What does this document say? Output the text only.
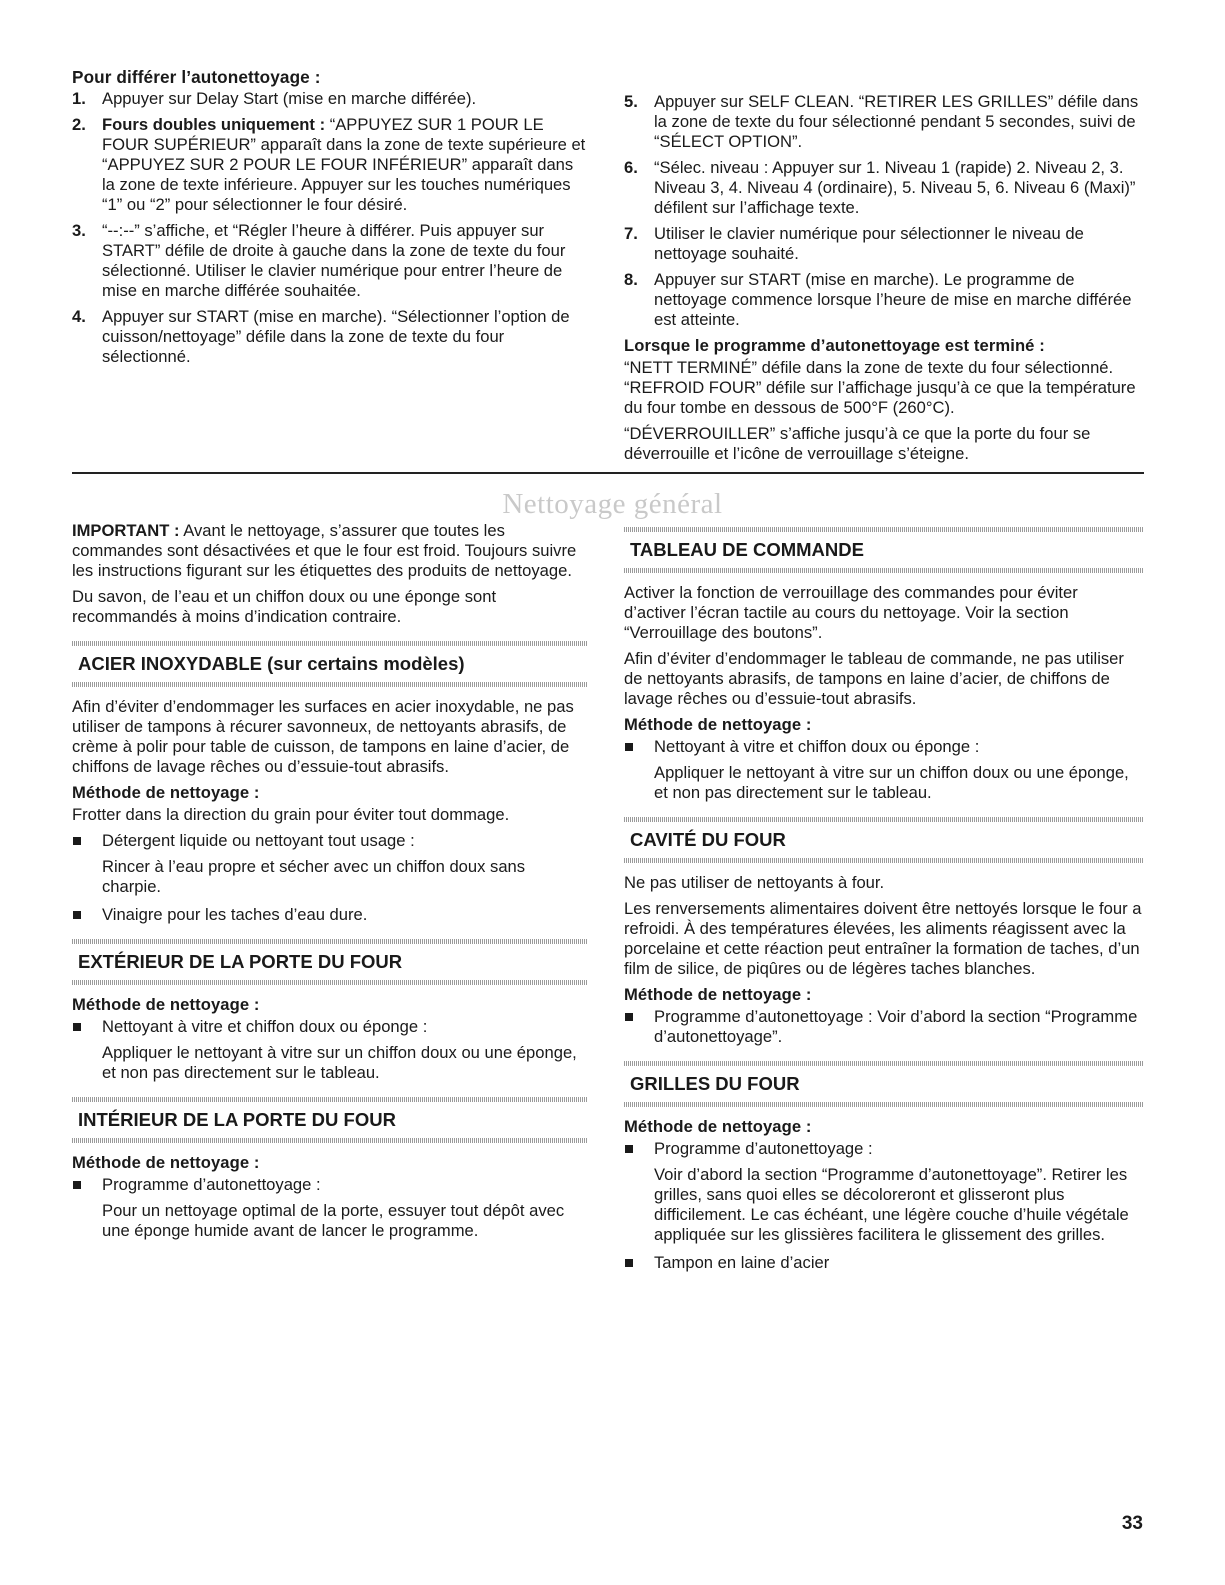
Pour différer l’autonettoyage :
1. Appuyer sur Delay Start (mise en marche différée).
2. Fours doubles uniquement : “APPUYEZ SUR 1 POUR LE FOUR SUPÉRIEUR” apparaît dans la zone de texte supérieure et “APPUYEZ SUR 2 POUR LE FOUR INFÉRIEUR” apparaît dans la zone de texte inférieure. Appuyer sur les touches numériques “1” ou “2” pour sélectionner le four désiré.
3. “--:--” s’affiche, et “Régler l’heure à différer. Puis appuyer sur START” défile de droite à gauche dans la zone de texte du four sélectionné. Utiliser le clavier numérique pour entrer l’heure de mise en marche différée souhaitée.
4. Appuyer sur START (mise en marche). “Sélectionner l’option de cuisson/nettoyage” défile dans la zone de texte du four sélectionné.
5. Appuyer sur SELF CLEAN. “RETIRER LES GRILLES” défile dans la zone de texte du four sélectionné pendant 5 secondes, suivi de “SÉLECT OPTION”.
6. “Sélec. niveau : Appuyer sur 1. Niveau 1 (rapide) 2. Niveau 2, 3. Niveau 3, 4. Niveau 4 (ordinaire), 5. Niveau 5, 6. Niveau 6 (Maxi)” défilent sur l’affichage texte.
7. Utiliser le clavier numérique pour sélectionner le niveau de nettoyage souhaité.
8. Appuyer sur START (mise en marche). Le programme de nettoyage commence lorsque l’heure de mise en marche différée est atteinte.
Lorsque le programme d’autonettoyage est terminé :

“NETT TERMINÉ” défile dans la zone de texte du four sélectionné. “REFROID FOUR” défile sur l’affichage jusqu’à ce que la température du four tombe en dessous de 500°F (260°C).

“DÉVERROUILLER” s’affiche jusqu’à ce que la porte du four se déverrouille et l’icône de verrouillage s’éteigne.

Nettoyage général

IMPORTANT : Avant le nettoyage, s’assurer que toutes les commandes sont désactivées et que le four est froid. Toujours suivre les instructions figurant sur les étiquettes des produits de nettoyage.

Du savon, de l’eau et un chiffon doux ou une éponge sont recommandés à moins d’indication contraire.

ACIER INOXYDABLE (sur certains modèles)

Afin d’éviter d’endommager les surfaces en acier inoxydable, ne pas utiliser de tampons à récurer savonneux, de nettoyants abrasifs, de crème à polir pour table de cuisson, de tampons en laine d’acier, de chiffons de lavage rêches ou d’essuie-tout abrasifs.

Méthode de nettoyage :

Frotter dans la direction du grain pour éviter tout dommage.

Détergent liquide ou nettoyant tout usage :

Rincer à l’eau propre et sécher avec un chiffon doux sans charpie.

Vinaigre pour les taches d’eau dure.
EXTÉRIEUR DE LA PORTE DU FOUR
Méthode de nettoyage :
Nettoyant à vitre et chiffon doux ou éponge :

Appliquer le nettoyant à vitre sur un chiffon doux ou une éponge, et non pas directement sur le tableau.

INTÉRIEUR DE LA PORTE DU FOUR
Méthode de nettoyage :
Programme d’autonettoyage :

Pour un nettoyage optimal de la porte, essuyer tout dépôt avec une éponge humide avant de lancer le programme.

TABLEAU DE COMMANDE

Activer la fonction de verrouillage des commandes pour éviter d’activer l’écran tactile au cours du nettoyage. Voir la section “Verrouillage des boutons”.

Afin d’éviter d’endommager le tableau de commande, ne pas utiliser de nettoyants abrasifs, de tampons en laine d’acier, de chiffons de lavage rêches ou d’essuie-tout abrasifs.

Méthode de nettoyage :
Nettoyant à vitre et chiffon doux ou éponge :

Appliquer le nettoyant à vitre sur un chiffon doux ou une éponge, et non pas directement sur le tableau.

CAVITÉ DU FOUR

Ne pas utiliser de nettoyants à four.

Les renversements alimentaires doivent être nettoyés lorsque le four a refroidi. À des températures élevées, les aliments réagissent avec la porcelaine et cette réaction peut entraîner la formation de taches, d’un film de silice, de piqûres ou de légères taches blanches.

Méthode de nettoyage :
Programme d’autonettoyage : Voir d’abord la section “Programme d’autonettoyage”.
GRILLES DU FOUR
Méthode de nettoyage :
Programme d’autonettoyage :

Voir d’abord la section “Programme d’autonettoyage”. Retirer les grilles, sans quoi elles se décoloreront et glisseront plus difficilement. Le cas échéant, une légère couche d’huile végétale appliquée sur les glissières facilitera le glissement des grilles.

Tampon en laine d’acier
33
